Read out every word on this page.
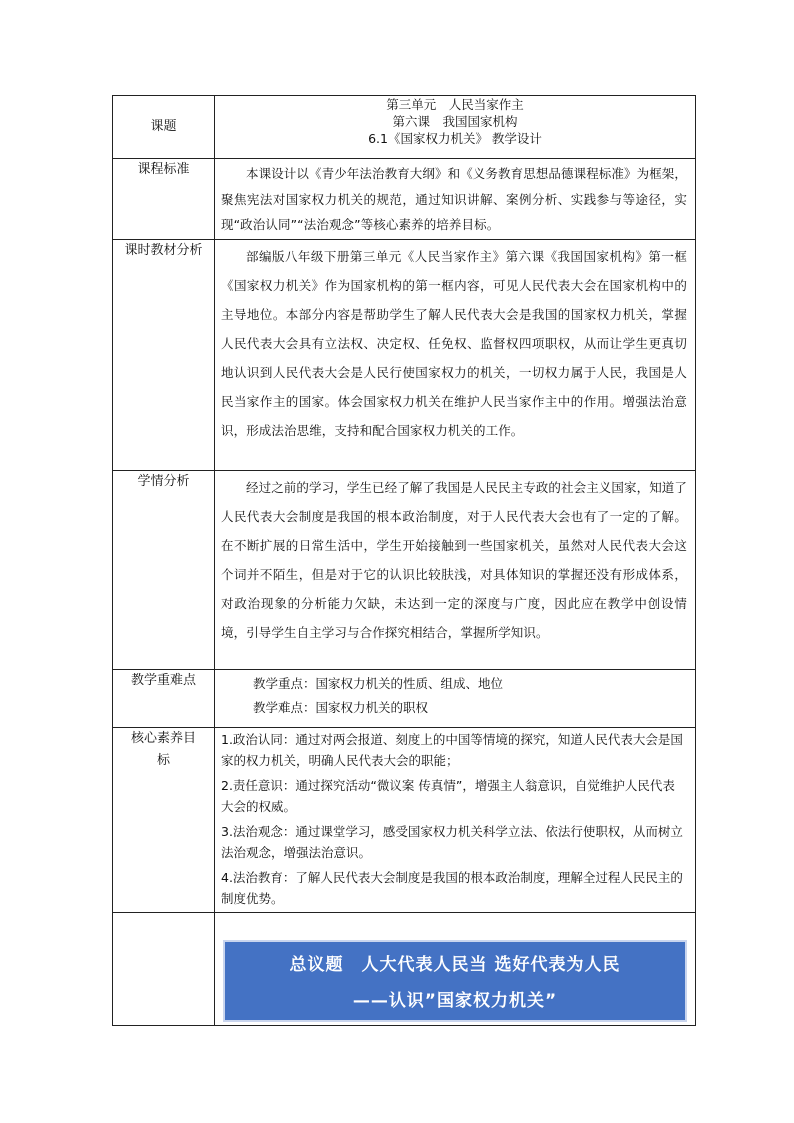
课题	第三单元　人民当家作主
第六课　我国国家机构
6.1《国家权力机关》 教学设计

课程标准	本课设计以《青少年法治教育大纲》和《义务教育思想品德课程标准》为框架，聚焦宪法对国家权力机关的规范，通过知识讲解、案例分析、实践参与等途径，实现“政治认同”“法治观念”等核心素养的培养目标。

课时教材分析	部编版八年级下册第三单元《人民当家作主》第六课《我国国家机构》第一框《国家权力机关》作为国家机构的第一框内容，可见人民代表大会在国家机构中的主导地位。本部分内容是帮助学生了解人民代表大会是我国的国家权力机关，掌握人民代表大会具有立法权、决定权、任免权、监督权四项职权，从而让学生更真切地认识到人民代表大会是人民行使国家权力的机关，一切权力属于人民，我国是人民当家作主的国家。体会国家权力机关在维护人民当家作主中的作用。增强法治意识，形成法治思维，支持和配合国家权力机关的工作。

学情分析	经过之前的学习，学生已经了解了我国是人民民主专政的社会主义国家，知道了人民代表大会制度是我国的根本政治制度，对于人民代表大会也有了一定的了解。在不断扩展的日常生活中，学生开始接触到一些国家机关，虽然对人民代表大会这个词并不陌生，但是对于它的认识比较肤浅，对具体知识的掌握还没有形成体系，对政治现象的分析能力欠缺，未达到一定的深度与广度，因此应在教学中创设情境，引导学生自主学习与合作探究相结合，掌握所学知识。

教学重难点	教学重点：国家权力机关的性质、组成、地位
教学难点：国家权力机关的职权

核心素养目标	1.政治认同：通过对两会报道、刻度上的中国等情境的探究，知道人民代表大会是国家的权力机关，明确人民代表大会的职能；
2.责任意识：通过探究活动“微议案 传真情”，增强主人翁意识，自觉维护人民代表大会的权威。
3.法治观念：通过课堂学习，感受国家权力机关科学立法、依法行使职权，从而树立法治观念，增强法治意识。
4.法治教育：了解人民代表大会制度是我国的根本政治制度，理解全过程人民民主的制度优势。

	总议题　人大代表人民当 选好代表为人民
——认识”国家权力机关”
